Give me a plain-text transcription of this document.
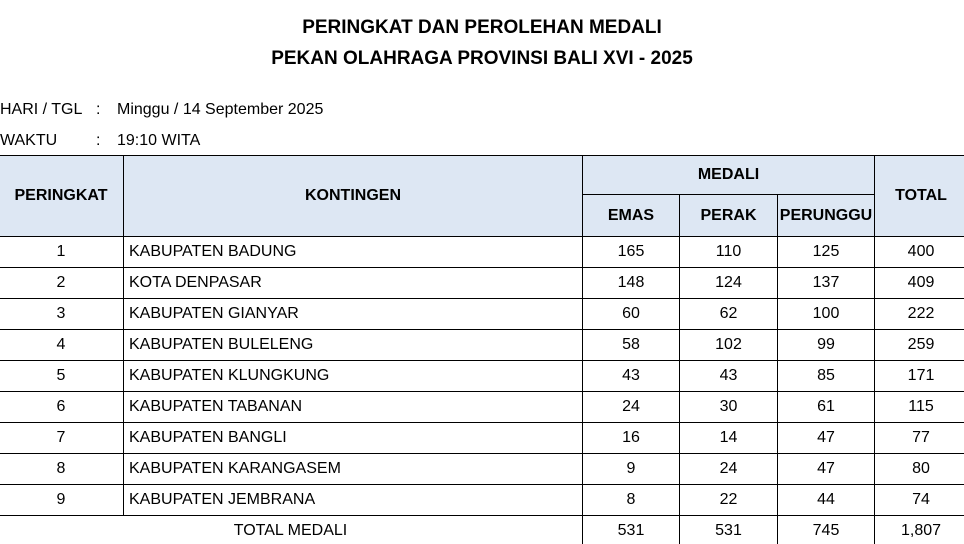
PERINGKAT DAN PEROLEHAN MEDALI
PEKAN OLAHRAGA PROVINSI BALI XVI - 2025
HARI / TGL : Minggu / 14 September 2025
WAKTU : 19:10 WITA
PERINGKAT	KONTINGEN	MEDALI			TOTAL
		EMAS	PERAK	PERUNGGU	
1	KABUPATEN BADUNG	165	110	125	400
2	KOTA DENPASAR	148	124	137	409
3	KABUPATEN GIANYAR	60	62	100	222
4	KABUPATEN BULELENG	58	102	99	259
5	KABUPATEN KLUNGKUNG	43	43	85	171
6	KABUPATEN TABANAN	24	30	61	115
7	KABUPATEN BANGLI	16	14	47	77
8	KABUPATEN KARANGASEM	9	24	47	80
9	KABUPATEN JEMBRANA	8	22	44	74
TOTAL MEDALI		531	531	745	1,807
